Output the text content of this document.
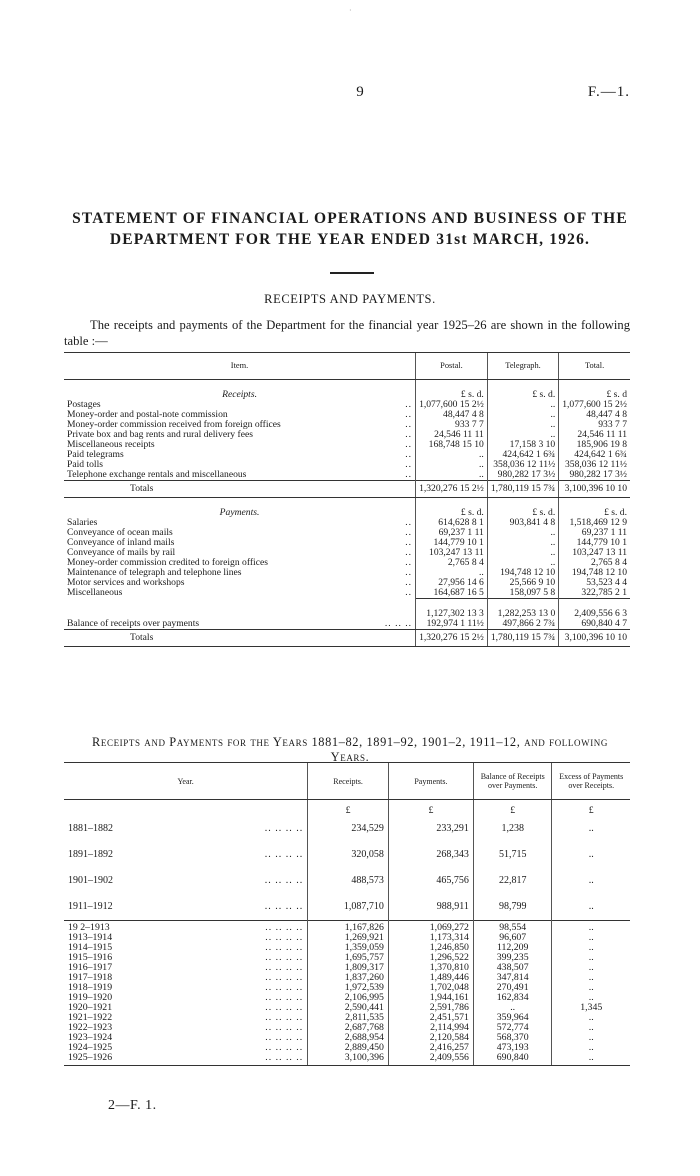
·
9	F.—1.
STATEMENT OF FINANCIAL OPERATIONS AND BUSINESS OF THE
DEPARTMENT FOR THE YEAR ENDED 31st MARCH, 1926.
RECEIPTS AND PAYMENTS.
The receipts and payments of the Department for the financial year 1925–26 are shown in the following table :—
Item.	Postal.	Telegraph.	Total.
Receipts.	£ s. d.	£ s. d.	£ s. d
Postages ..	1,077,600 15 2½	..	1,077,600 15 2½
Money-order and postal-note commission ..	48,447 4 8	..	48,447 4 8
Money-order commission received from foreign offices ..	933 7 7	..	933 7 7
Private box and bag rents and rural delivery fees ..	24,546 11 11	..	24,546 11 11
Miscellaneous receipts ..	168,748 15 10	17,158 3 10	185,906 19 8
Paid telegrams ..	..	424,642 1 6¾	424,642 1 6¾
Paid tolls ..	..	358,036 12 11½	358,036 12 11½
Telephone exchange rentals and miscellaneous ..	..	980,282 17 3½	980,282 17 3½
Totals	1,320,276 15 2½	1,780,119 15 7¾	3,100,396 10 10
Payments.	£ s. d.	£ s. d.	£ s. d.
Salaries ..	614,628 8 1	903,841 4 8	1,518,469 12 9
Conveyance of ocean mails ..	69,237 1 11	..	69,237 1 11
Conveyance of inland mails ..	144,779 10 1	..	144,779 10 1
Conveyance of mails by rail ..	103,247 13 11	..	103,247 13 11
Money-order commission credited to foreign offices ..	2,765 8 4	..	2,765 8 4
Maintenance of telegraph and telephone lines ..	..	194,748 12 10	194,748 12 10
Motor services and workshops ..	27,956 14 6	25,566 9 10	53,523 4 4
Miscellaneous ..	164,687 16 5	158,097 5 8	322,785 2 1
	1,127,302 13 3	1,282,253 13 0	2,409,556 6 3
Balance of receipts over payments .. .. ..	192,974 1 11½	497,866 2 7¾	690,840 4 7
Totals	1,320,276 15 2½	1,780,119 15 7¾	3,100,396 10 10
Receipts and Payments for the Years 1881–82, 1891–92, 1901–2, 1911–12, and following
Years.
Year.	Receipts.	Payments.	Balance of Receipts over Payments.	Excess of Payments over Receipts.
	£	£	£	£
1881–1882 .. .. .. ..	234,529	233,291	1,238	..
1891–1892 .. .. .. ..	320,058	268,343	51,715	..
1901–1902 .. .. .. ..	488,573	465,756	22,817	..
1911–1912 .. .. .. ..	1,087,710	988,911	98,799	..
19 2–1913 .. .. .. ..	1,167,826	1,069,272	98,554	..
1913–1914 .. .. .. ..	1,269,921	1,173,314	96,607	..
1914–1915 .. .. .. ..	1,359,059	1,246,850	112,209	..
1915–1916 .. .. .. ..	1,695,757	1,296,522	399,235	..
1916–1917 .. .. .. ..	1,809,317	1,370,810	438,507	..
1917–1918 .. .. .. ..	1,837,260	1,489,446	347,814	..
1918–1919 .. .. .. ..	1,972,539	1,702,048	270,491	..
1919–1920 .. .. .. ..	2,106,995	1,944,161	162,834	..
1920–1921 .. .. .. ..	2,590,441	2,591,786	..	1,345
1921–1922 .. .. .. ..	2,811,535	2,451,571	359,964	..
1922–1923 .. .. .. ..	2,687,768	2,114,994	572,774	..
1923–1924 .. .. .. ..	2,688,954	2,120,584	568,370	..
1924–1925 .. .. .. ..	2,889,450	2,416,257	473,193	..
1925–1926 .. .. .. ..	3,100,396	2,409,556	690,840	..
2—F. 1.
